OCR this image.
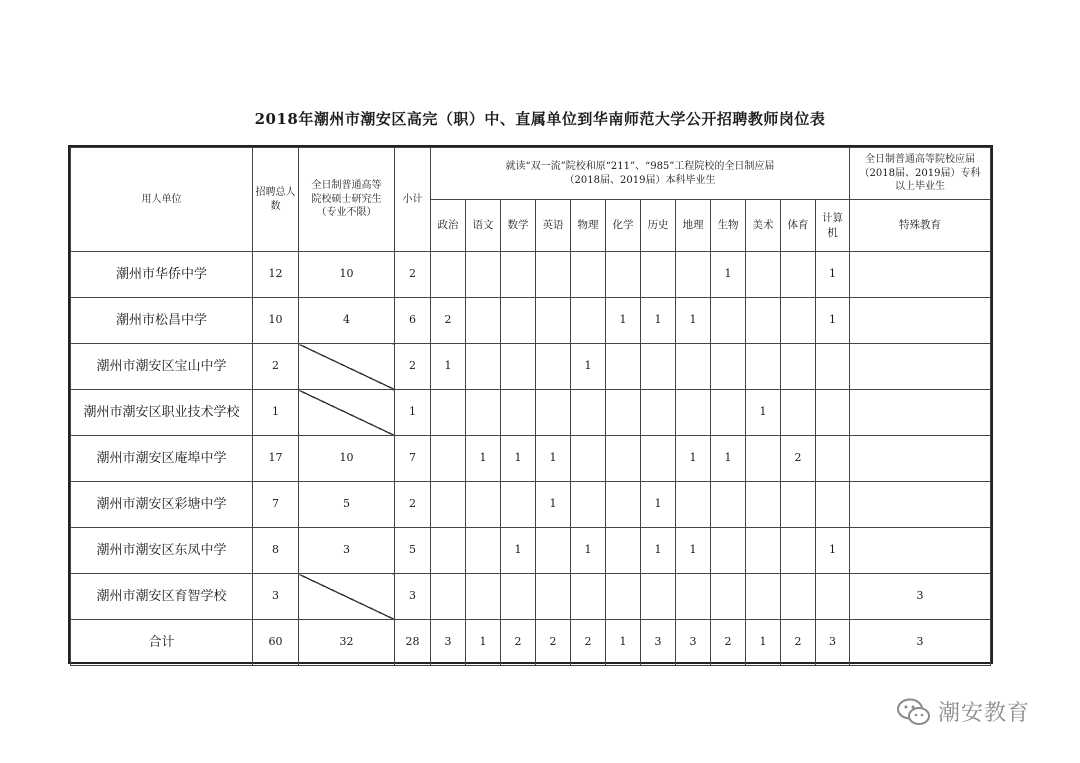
2018年潮州市潮安区高完（职）中、直属单位到华南师范大学公开招聘教师岗位表
用人单位	招聘总人数	全日制普通高等院校硕士研究生（专业不限）	小计	就读“双一流”院校和原“211”、“985”工程院校的全日制应届（2018届、2019届）本科毕业生												全日制普通高等院校应届（2018届、2019届）专科以上毕业生
				政治	语文	数学	英语	物理	化学	历史	地理	生物	美术	体育	计算机	特殊教育
潮州市华侨中学	12	10	2									1			1	
潮州市松昌中学	10	4	6	2					1	1	1				1	
潮州市潮安区宝山中学	2		2	1				1								
潮州市潮安区职业技术学校	1		1										1			
潮州市潮安区庵埠中学	17	10	7		1	1	1				1	1		2		
潮州市潮安区彩塘中学	7	5	2				1			1						
潮州市潮安区东凤中学	8	3	5			1		1		1	1				1	
潮州市潮安区育智学校	3		3													3
合计	60	32	28	3	1	2	2	2	1	3	3	2	1	2	3	3
潮安教育
